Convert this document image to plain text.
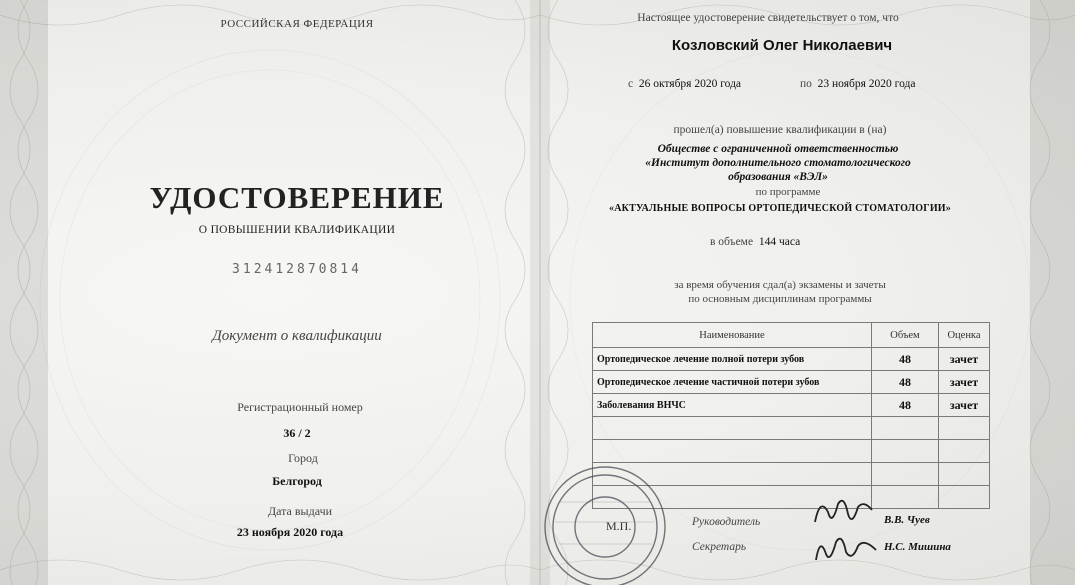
РОССИЙСКАЯ ФЕДЕРАЦИЯ
УДОСТОВЕРЕНИЕ
О ПОВЫШЕНИИ КВАЛИФИКАЦИИ
312412870814
Документ о квалификации
Регистрационный номер
36 / 2
Город
Белгород
Дата выдачи
23 ноября 2020 года
Настоящее удостоверение свидетельствует о том, что
Козловский Олег Николаевич
с 26 октября 2020 года	по 23 ноября 2020 года
прошел(а) повышение квалификации в (на)
Обществе с ограниченной ответственностью
«Институт дополнительного стоматологического
образования «ВЭЛ»
по программе
«АКТУАЛЬНЫЕ ВОПРОСЫ ОРТОПЕДИЧЕСКОЙ СТОМАТОЛОГИИ»
в объеме 144 часа
за время обучения сдал(а) экзамены и зачеты
по основным дисциплинам программы
Наименование	Объем	Оценка
Ортопедическое лечение полной потери зубов	48	зачет
Ортопедическое лечение частичной потери зубов	48	зачет
Заболевания ВНЧС	48	зачет

М.П.	Руководитель	В.В. Чуев
Секретарь	Н.С. Мишина
